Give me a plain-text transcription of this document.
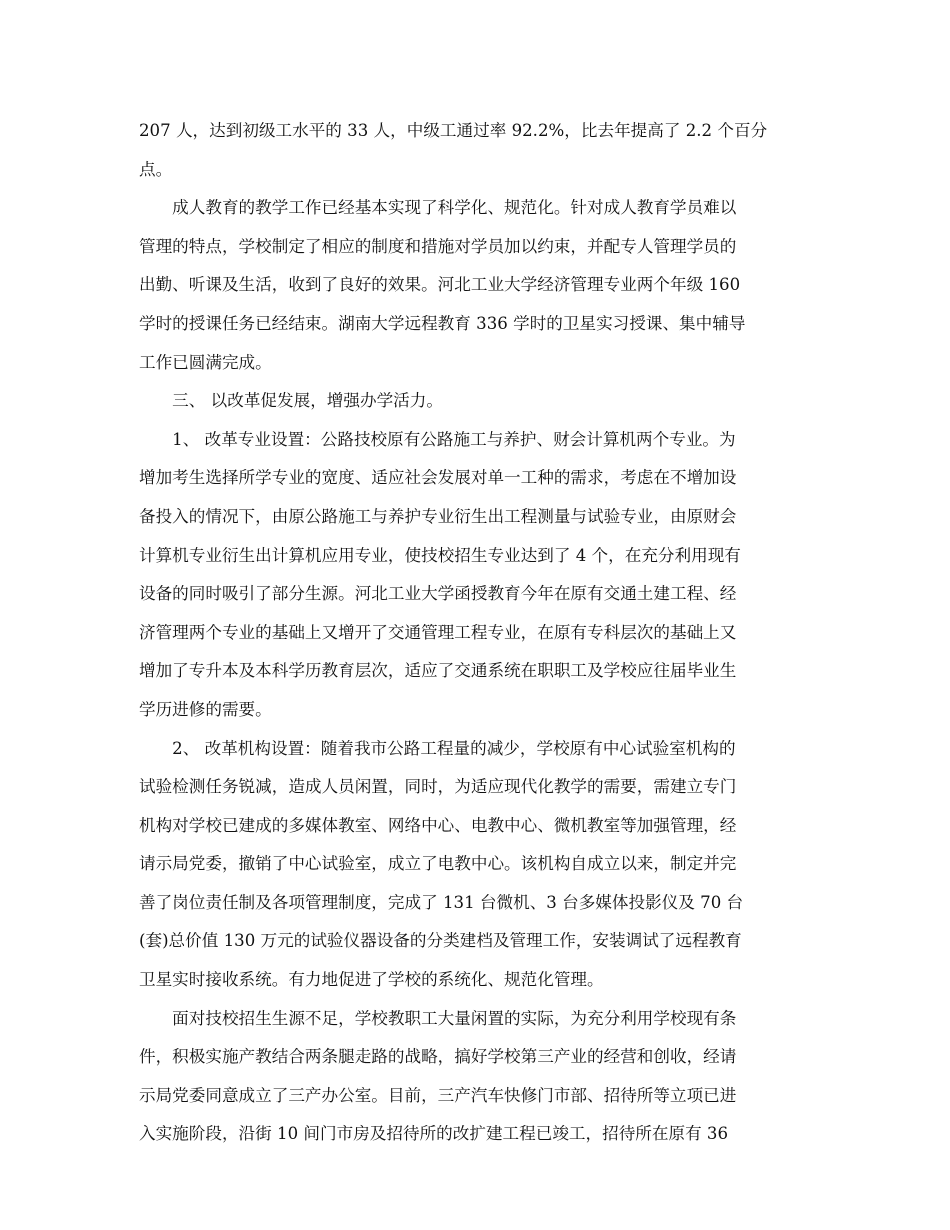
207 人，达到初级工水平的 33 人，中级工通过率 92.2%，比去年提高了 2.2 个百分
点。
　　成人教育的教学工作已经基本实现了科学化、规范化。针对成人教育学员难以
管理的特点，学校制定了相应的制度和措施对学员加以约束，并配专人管理学员的
出勤、听课及生活，收到了良好的效果。河北工业大学经济管理专业两个年级 160
学时的授课任务已经结束。湖南大学远程教育 336 学时的卫星实习授课、集中辅导
工作已圆满完成。
　　三、 以改革促发展，增强办学活力。
　　1、 改革专业设置：公路技校原有公路施工与养护、财会计算机两个专业。为
增加考生选择所学专业的宽度、适应社会发展对单一工种的需求，考虑在不增加设
备投入的情况下，由原公路施工与养护专业衍生出工程测量与试验专业，由原财会
计算机专业衍生出计算机应用专业，使技校招生专业达到了 4 个，在充分利用现有
设备的同时吸引了部分生源。河北工业大学函授教育今年在原有交通土建工程、经
济管理两个专业的基础上又增开了交通管理工程专业，在原有专科层次的基础上又
增加了专升本及本科学历教育层次，适应了交通系统在职职工及学校应往届毕业生
学历进修的需要。
　　2、 改革机构设置：随着我市公路工程量的减少，学校原有中心试验室机构的
试验检测任务锐减，造成人员闲置，同时，为适应现代化教学的需要，需建立专门
机构对学校已建成的多媒体教室、网络中心、电教中心、微机教室等加强管理，经
请示局党委，撤销了中心试验室，成立了电教中心。该机构自成立以来，制定并完
善了岗位责任制及各项管理制度，完成了 131 台微机、3 台多媒体投影仪及 70 台
(套)总价值 130 万元的试验仪器设备的分类建档及管理工作，安装调试了远程教育
卫星实时接收系统。有力地促进了学校的系统化、规范化管理。
　　面对技校招生生源不足，学校教职工大量闲置的实际，为充分利用学校现有条
件，积极实施产教结合两条腿走路的战略，搞好学校第三产业的经营和创收，经请
示局党委同意成立了三产办公室。目前，三产汽车快修门市部、招待所等立项已进
入实施阶段，沿街 10 间门市房及招待所的改扩建工程已竣工，招待所在原有 36
